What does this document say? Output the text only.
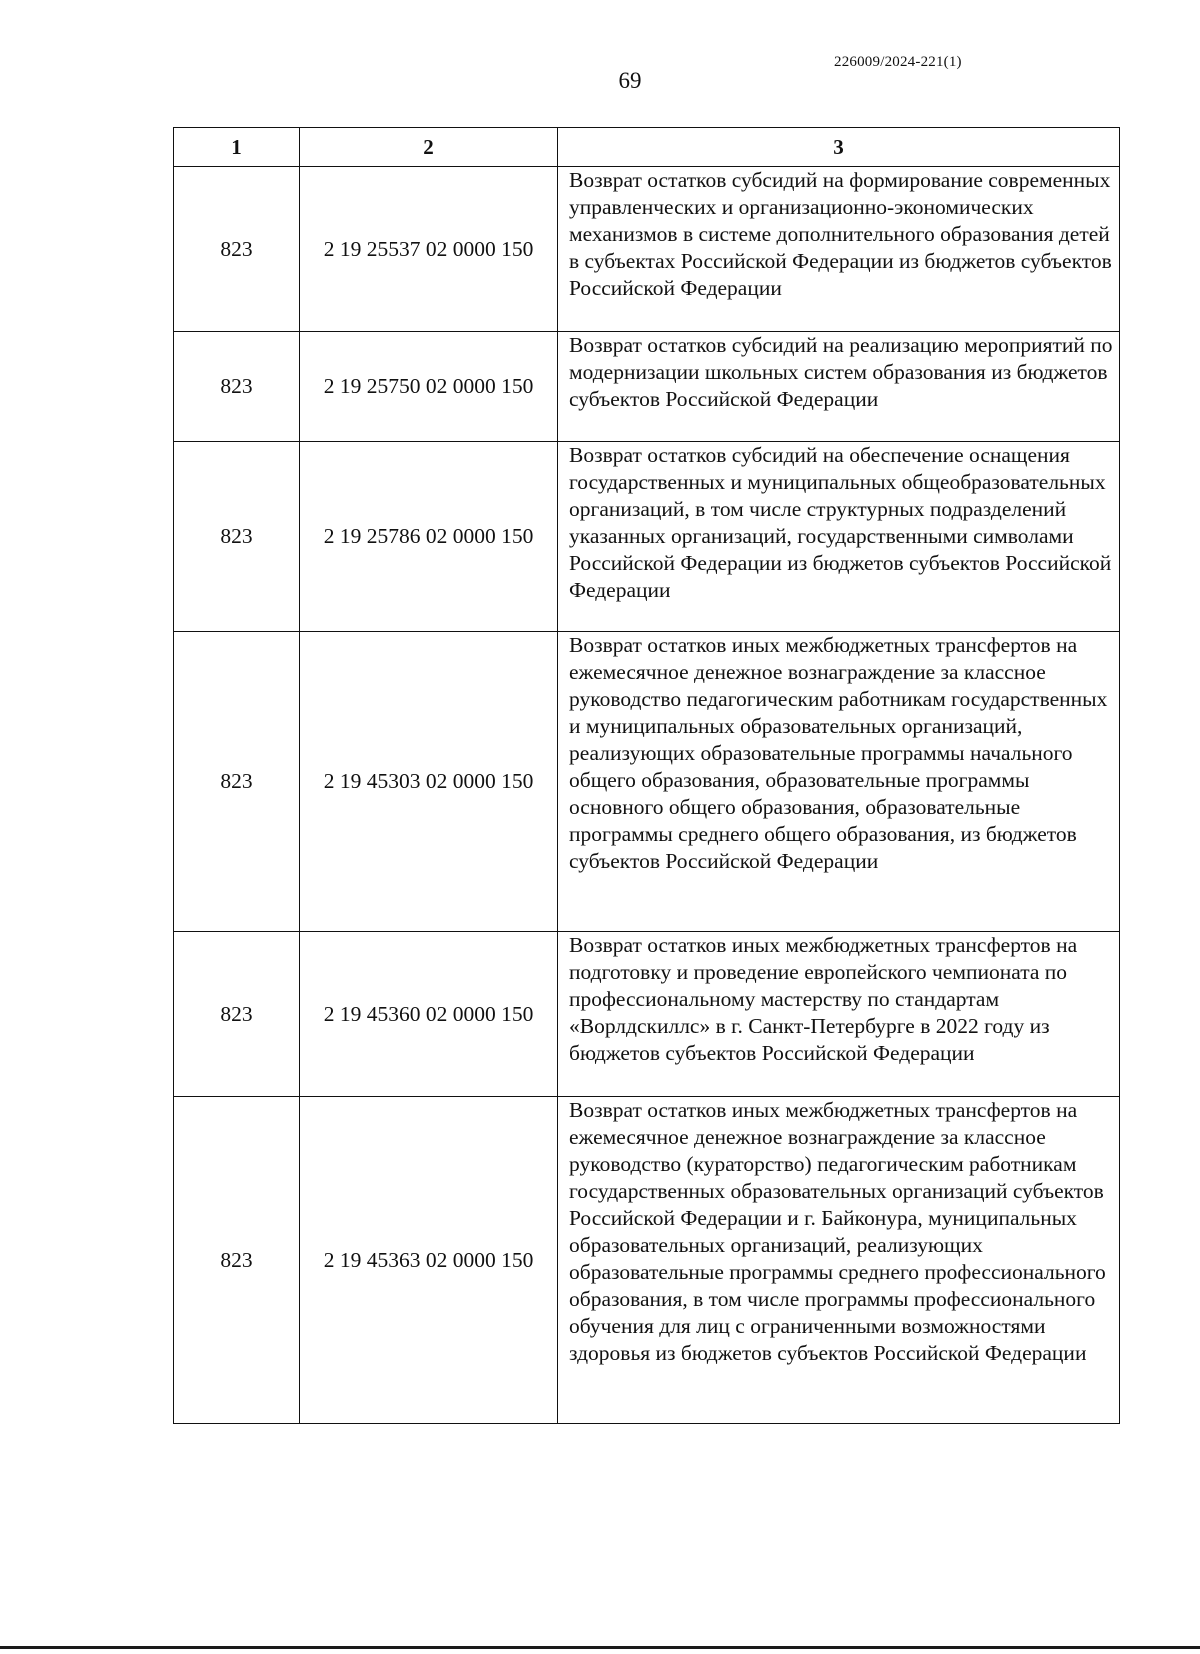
226009/2024-221(1)
69
1	2	3
823	2 19 25537 02 0000 150	Возврат остатков субсидий на формирование современных управленческих и организационно-экономических механизмов в системе дополнительного образования детей в субъектах Российской Федерации из бюджетов субъектов Российской Федерации
823	2 19 25750 02 0000 150	Возврат остатков субсидий на реализацию мероприятий по модернизации школьных систем образования из бюджетов субъектов Российской Федерации
823	2 19 25786 02 0000 150	Возврат остатков субсидий на обеспечение оснащения государственных и муниципальных общеобразовательных организаций, в том числе структурных подразделений указанных организаций, государственными символами Российской Федерации из бюджетов субъектов Российской Федерации
823	2 19 45303 02 0000 150	Возврат остатков иных межбюджетных трансфертов на ежемесячное денежное вознаграждение за классное руководство педагогическим работникам государственных и муниципальных образовательных организаций, реализующих образовательные программы начального общего образования, образовательные программы основного общего образования, образовательные программы среднего общего образования, из бюджетов субъектов Российской Федерации
823	2 19 45360 02 0000 150	Возврат остатков иных межбюджетных трансфертов на подготовку и проведение европейского чемпионата по профессиональному мастерству по стандартам «Ворлдскиллс» в г. Санкт-Петербурге в 2022 году из бюджетов субъектов Российской Федерации
823	2 19 45363 02 0000 150	Возврат остатков иных межбюджетных трансфертов на ежемесячное денежное вознаграждение за классное руководство (кураторство) педагогическим работникам государственных образовательных организаций субъектов Российской Федерации и г. Байконура, муниципальных образовательных организаций, реализующих образовательные программы среднего профессионального образования, в том числе программы профессионального обучения для лиц с ограниченными возможностями здоровья из бюджетов субъектов Российской Федерации
